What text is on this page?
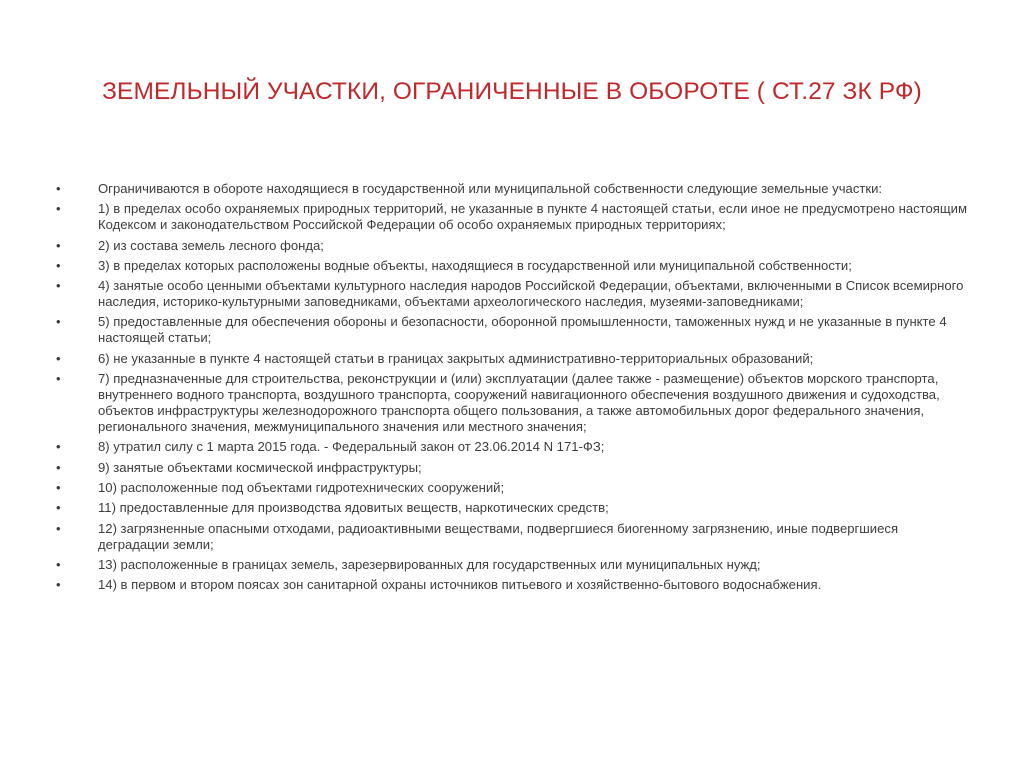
ЗЕМЕЛЬНЫЙ УЧАСТКИ, ОГРАНИЧЕННЫЕ В ОБОРОТЕ ( СТ.27 ЗК РФ)
•	Ограничиваются в обороте находящиеся в государственной или муниципальной собственности следующие земельные участки:
•	1) в пределах особо охраняемых природных территорий, не указанные в пункте 4 настоящей статьи, если иное не предусмотрено настоящим Кодексом и законодательством Российской Федерации об особо охраняемых природных территориях;
•	2) из состава земель лесного фонда;
•	3) в пределах которых расположены водные объекты, находящиеся в государственной или муниципальной собственности;
•	4) занятые особо ценными объектами культурного наследия народов Российской Федерации, объектами, включенными в Список всемирного наследия, историко-культурными заповедниками, объектами археологического наследия, музеями-заповедниками;
•	5) предоставленные для обеспечения обороны и безопасности, оборонной промышленности, таможенных нужд и не указанные в пункте 4 настоящей статьи;
•	6) не указанные в пункте 4 настоящей статьи в границах закрытых административно-территориальных образований;
•	7) предназначенные для строительства, реконструкции и (или) эксплуатации (далее также - размещение) объектов морского транспорта, внутреннего водного транспорта, воздушного транспорта, сооружений навигационного обеспечения воздушного движения и судоходства, объектов инфраструктуры железнодорожного транспорта общего пользования, а также автомобильных дорог федерального значения, регионального значения, межмуниципального значения или местного значения;
•	8) утратил силу с 1 марта 2015 года. - Федеральный закон от 23.06.2014 N 171-ФЗ;
•	9) занятые объектами космической инфраструктуры;
•	10) расположенные под объектами гидротехнических сооружений;
•	11) предоставленные для производства ядовитых веществ, наркотических средств;
•	12) загрязненные опасными отходами, радиоактивными веществами, подвергшиеся биогенному загрязнению, иные подвергшиеся деградации земли;
•	13) расположенные в границах земель, зарезервированных для государственных или муниципальных нужд;
•	14) в первом и втором поясах зон санитарной охраны источников питьевого и хозяйственно-бытового водоснабжения.
